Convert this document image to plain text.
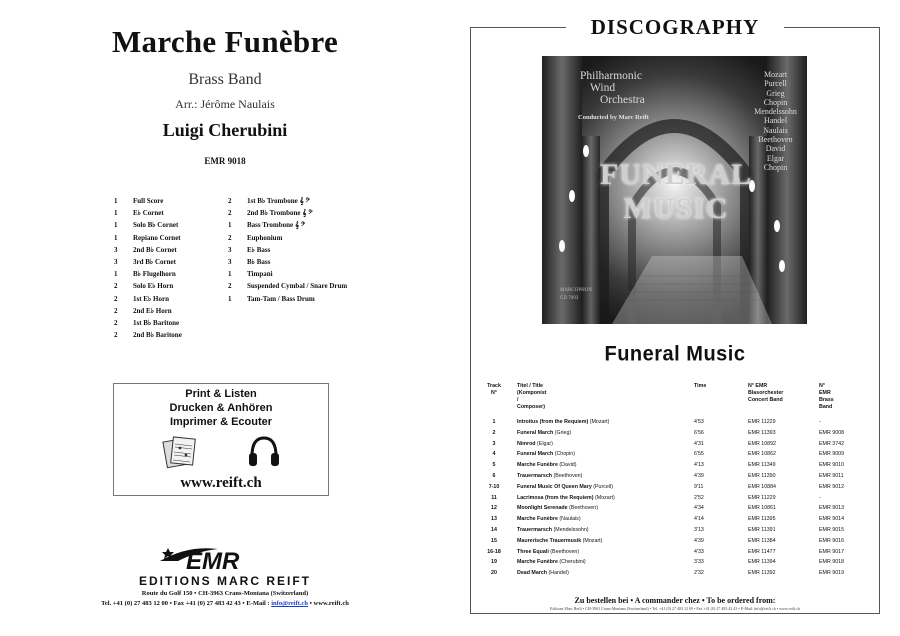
Marche Funèbre
Brass Band
Arr.: Jérôme Naulais
Luigi Cherubini
EMR 9018
1	Full Score
1	E♭ Cornet
1	Solo B♭ Cornet
1	Repiano Cornet
3	2nd B♭ Cornet
3	3rd B♭ Cornet
1	B♭ Flugelhorn
2	Solo E♭ Horn
2	1st E♭ Horn
2	2nd E♭ Horn
2	1st B♭ Baritone
2	2nd B♭ Baritone
2	1st B♭ Trombone 𝄞 𝄢
2	2nd B♭ Trombone 𝄞 𝄢
1	Bass Trombone 𝄞 𝄢
2	Euphonium
3	E♭ Bass
3	B♭ Bass
1	Timpani
2	Suspended Cymbal / Snare Drum
1	Tam-Tam / Bass Drum
Print & Listen
Drucken & Anhören
Imprimer & Ecouter
www.reift.ch
EMR
EDITIONS MARC REIFT
Route du Golf 150 • CH-3963 Crans-Montana (Switzerland)
Tel. +41 (0) 27 483 12 00 • Fax +41 (0) 27 483 42 43 • E-Mail : info@reift.ch • www.reift.ch
DISCOGRAPHY
Philharmonic
Wind
Orchestra
Conducted by Marc Reift
Mozart
Purcell
Grieg
Chopin
Mendelssohn
Handel
Naulais
Beethoven
David
Elgar
Chopin
FUNERAL
MUSIC
MARCOPHON
CD 7093
Funeral Music
Track
N°
Titel / Title
(Komponist / Composer)
Time	N° EMR
Blasorchester
Concert Band
N° EMR
Brass Band
1	Introitus (from the Requiem) (Mozart)	4'53	EMR 11229	-
2	Funeral March (Grieg)	6'56	EMR 11393	EMR 9008
3	Nimrod (Elgar)	4'31	EMR 10892	EMR 3742
4	Funeral March (Chopin)	6'55	EMR 10862	EMR 9009
5	Marche Funèbre (David)	4'13	EMR 11349	EMR 9010
6	Trauermarsch (Beethoven)	4'39	EMR 11390	EMR 9011
7-10	Funeral Music Of Queen Mary (Purcell)	9'11	EMR 10884	EMR 9012
11	Lacrimosa (from the Requiem) (Mozart)	2'52	EMR 11229	-
12	Moonlight Serenade (Beethoven)	4'34	EMR 10861	EMR 9013
13	Marche Funèbre (Naulais)	4'14	EMR 11395	EMR 9014
14	Trauermarsch (Mendelssohn)	3'13	EMR 11391	EMR 9015
15	Maurerische Trauermusik (Mozart)	4'39	EMR 11384	EMR 9016
16-18	Three Equali (Beethoven)	4'33	EMR 11477	EMR 9017
19	Marche Funèbre (Cherubini)	3'33	EMR 11394	EMR 9018
20	Dead March (Handel)	2'32	EMR 11392	EMR 9019
Zu bestellen bei • A commander chez • To be ordered from:
Editions Marc Reift • CH-3963 Crans-Montana (Switzerland) • Tel. +41 (0) 27 483 12 00 • Fax +41 (0) 27 483 42 43 • E-Mail: info@reift.ch • www.reift.ch
